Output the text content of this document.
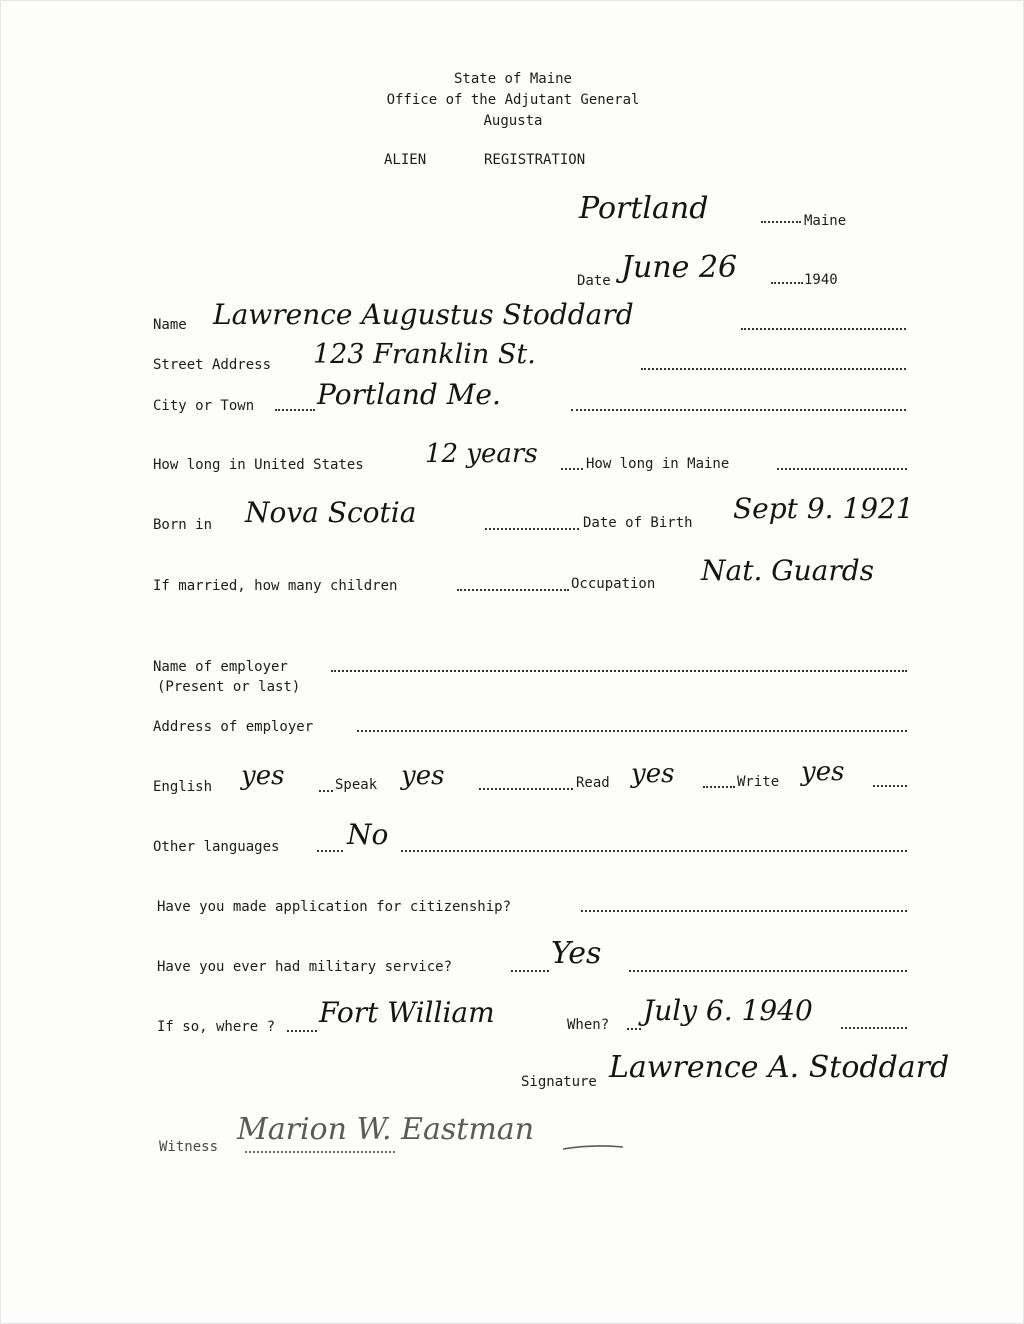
State of Maine
Office of the Adjutant General
Augusta
ALIEN	REGISTRATION
Portland	Maine
Date June 26	1940
Name Lawrence Augustus Stoddard
Street Address 123 Franklin St.
City or Town Portland Me.
How long in United States 12 years	How long in Maine
Born in Nova Scotia	Date of Birth Sept 9. 1921
If married, how many children	Occupation Nat. Guards
Name of employer
(Present or last)
Address of employer
English yes	Speak yes	Read yes	Write yes
Other languages No
Have you made application for citizenship?
Have you ever had military service?	Yes
If so, where ? Fort William	When? July 6. 1940
Signature Lawrence A. Stoddard
Witness Marion W. Eastman
